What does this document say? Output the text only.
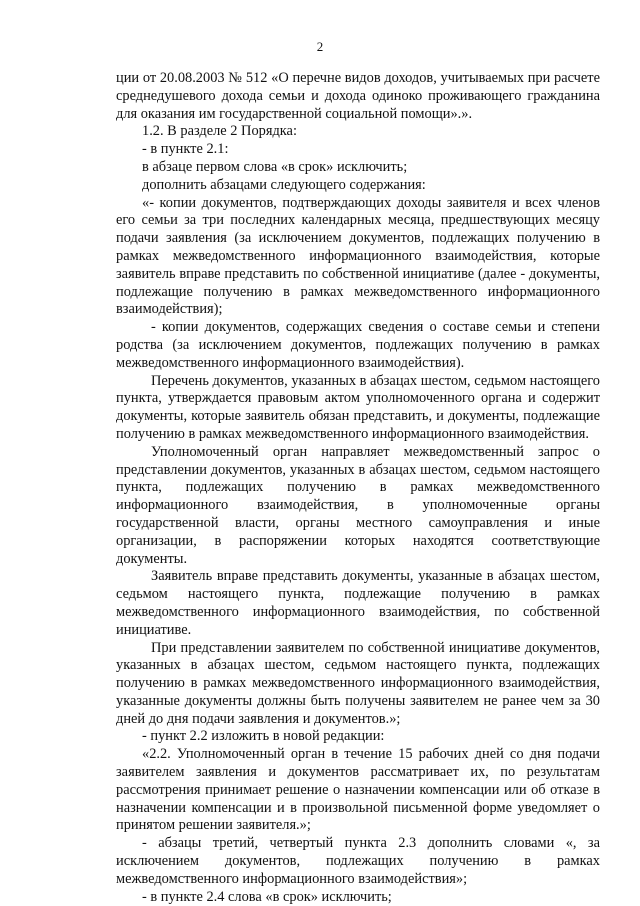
2

ции от 20.08.2003 № 512 «О перечне видов доходов, учитываемых при расчете среднедушевого дохода семьи и дохода одиноко проживающего гражданина для оказания им государственной социальной помощи».».

1.2. В разделе 2 Порядка:

- в пункте 2.1:

в абзаце первом слова «в срок» исключить;

дополнить абзацами следующего содержания:

«- копии документов, подтверждающих доходы заявителя и всех членов его семьи за три последних календарных месяца, предшествующих месяцу подачи заявления (за исключением документов, подлежащих получению в рамках межведомственного информационного взаимодействия, которые заявитель вправе представить по собственной инициативе (далее - документы, подлежащие получению в рамках межведомственного информационного взаимодействия);

- копии документов, содержащих сведения о составе семьи и степени родства (за исключением документов, подлежащих получению в рамках межведомственного информационного взаимодействия).

Перечень документов, указанных в абзацах шестом, седьмом настоящего пункта, утверждается правовым актом уполномоченного органа и содержит документы, которые заявитель обязан представить, и документы, подлежащие получению в рамках межведомственного информационного взаимодействия.

Уполномоченный орган направляет межведомственный запрос о представлении документов, указанных в абзацах шестом, седьмом настоящего пункта, подлежащих получению в рамках межведомственного информационного взаимодействия, в уполномоченные органы государственной власти, органы местного самоуправления и иные организации, в распоряжении которых находятся соответствующие документы.

Заявитель вправе представить документы, указанные в абзацах шестом, седьмом настоящего пункта, подлежащие получению в рамках межведомственного информационного взаимодействия, по собственной инициативе.

При представлении заявителем по собственной инициативе документов, указанных в абзацах шестом, седьмом настоящего пункта, подлежащих получению в рамках межведомственного информационного взаимодействия, указанные документы должны быть получены заявителем не ранее чем за 30 дней до дня подачи заявления и документов.»;

- пункт 2.2 изложить в новой редакции:

«2.2. Уполномоченный орган в течение 15 рабочих дней со дня подачи заявителем заявления и документов рассматривает их, по результатам рассмотрения принимает решение о назначении компенсации или об отказе в назначении компенсации и в произвольной письменной форме уведомляет о принятом решении заявителя.»;

- абзацы третий, четвертый пункта 2.3 дополнить словами «, за исключением документов, подлежащих получению в рамках межведомственного информационного взаимодействия»;

- в пункте 2.4 слова «в срок» исключить;
